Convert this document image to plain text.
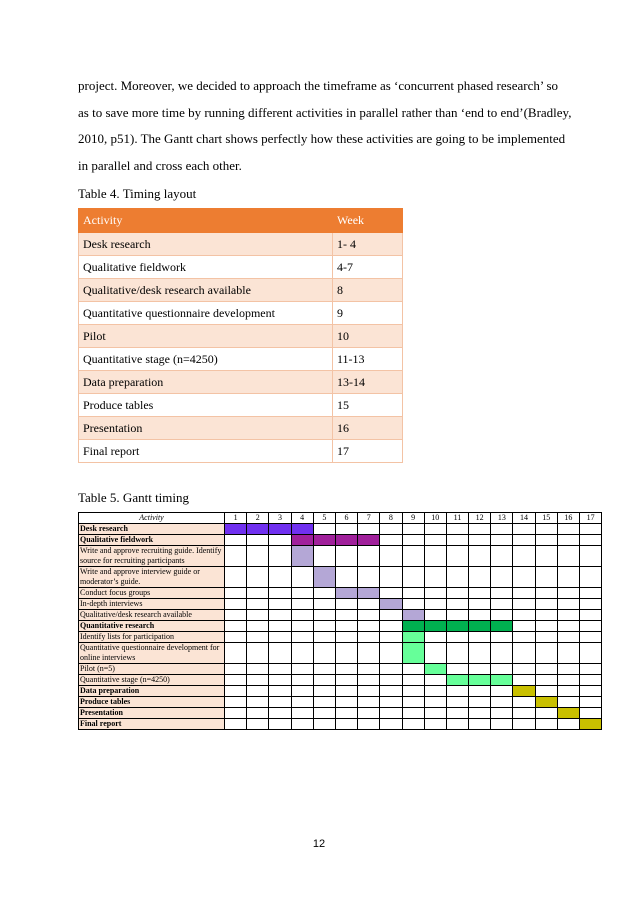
project. Moreover, we decided to approach the timeframe as ‘concurrent phased research’ so

as to save more time by running different activities in parallel rather than ‘end to end’(Bradley,

2010, p51). The Gantt chart shows perfectly how these activities are going to be implemented

in parallel and cross each other.

Table 4. Timing layout
Activity	Week
Desk research	1- 4
Qualitative fieldwork	4-7
Qualitative/desk research available	8
Quantitative questionnaire development	9
Pilot	10
Quantitative stage (n=4250)	11-13
Data preparation	13-14
Produce tables	15
Presentation	16
Final report	17
Table 5. Gantt timing
Activity	1	2	3	4	5	6	7	8	9	10	11	12	13	14	15	16	17
Desk research																	
Qualitative fieldwork																	
Write and approve recruiting guide. Identify source for recruiting participants																	
Write and approve interview guide or moderator’s guide.																	
Conduct focus groups																	
In-depth interviews																	
Qualitative/desk research available																	
Quantitative research																	
Identify lists for participation																	
Quantitative questionnaire development for online interviews																	
Pilot (n=5)																	
Quantitative stage (n=4250)																	
Data preparation																	
Produce tables																	
Presentation																	
Final report																	
12
